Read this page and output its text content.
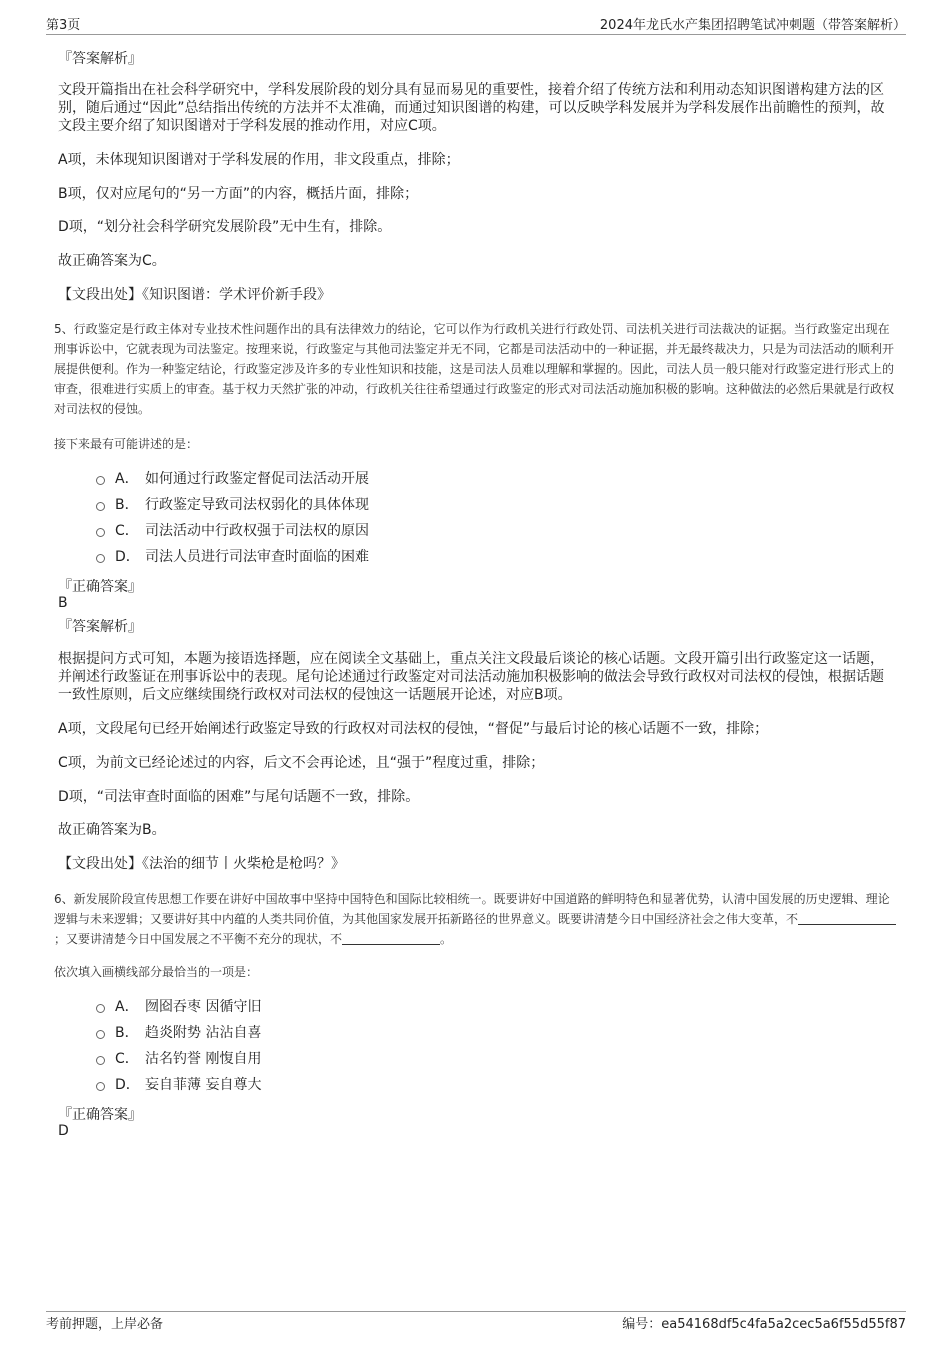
第3页	2024年龙氏水产集团招聘笔试冲刺题（带答案解析）
『答案解析』
文段开篇指出在社会科学研究中，学科发展阶段的划分具有显而易见的重要性，接着介绍了传统方法和利用动态知识图谱构建方法的区别，随后通过“因此”总结指出传统的方法并不太准确，而通过知识图谱的构建，可以反映学科发展并为学科发展作出前瞻性的预判，故文段主要介绍了知识图谱对于学科发展的推动作用，对应C项。
A项，未体现知识图谱对于学科发展的作用，非文段重点，排除；
B项，仅对应尾句的“另一方面”的内容，概括片面，排除；
D项，“划分社会科学研究发展阶段”无中生有，排除。
故正确答案为C。
【文段出处】《知识图谱：学术评价新手段》
5、行政鉴定是行政主体对专业技术性问题作出的具有法律效力的结论，它可以作为行政机关进行行政处罚、司法机关进行司法裁决的证据。当行政鉴定出现在刑事诉讼中，它就表现为司法鉴定。按理来说，行政鉴定与其他司法鉴定并无不同，它都是司法活动中的一种证据，并无最终裁决力，只是为司法活动的顺利开展提供便利。作为一种鉴定结论，行政鉴定涉及许多的专业性知识和技能，这是司法人员难以理解和掌握的。因此，司法人员一般只能对行政鉴定进行形式上的审查，很难进行实质上的审查。基于权力天然扩张的冲动，行政机关往往希望通过行政鉴定的形式对司法活动施加积极的影响。这种做法的必然后果就是行政权对司法权的侵蚀。
接下来最有可能讲述的是：
A． 如何通过行政鉴定督促司法活动开展
B． 行政鉴定导致司法权弱化的具体体现
C． 司法活动中行政权强于司法权的原因
D． 司法人员进行司法审查时面临的困难
『正确答案』
B
『答案解析』
根据提问方式可知，本题为接语选择题，应在阅读全文基础上，重点关注文段最后谈论的核心话题。文段开篇引出行政鉴定这一话题，并阐述行政鉴证在刑事诉讼中的表现。尾句论述通过行政鉴定对司法活动施加积极影响的做法会导致行政权对司法权的侵蚀，根据话题一致性原则，后文应继续围绕行政权对司法权的侵蚀这一话题展开论述，对应B项。
A项，文段尾句已经开始阐述行政鉴定导致的行政权对司法权的侵蚀，“督促”与最后讨论的核心话题不一致，排除；
C项，为前文已经论述过的内容，后文不会再论述，且“强于”程度过重，排除；
D项，“司法审查时面临的困难”与尾句话题不一致，排除。
故正确答案为B。
【文段出处】《法治的细节丨火柴枪是枪吗？》
6、新发展阶段宣传思想工作要在讲好中国故事中坚持中国特色和国际比较相统一。既要讲好中国道路的鲜明特色和显著优势，认清中国发展的历史逻辑、理论逻辑与未来逻辑；又要讲好其中内蕴的人类共同价值，为其他国家发展开拓新路径的世界意义。既要讲清楚今日中国经济社会之伟大变革，不；又要讲清楚今日中国发展之不平衡不充分的现状，不	。
依次填入画横线部分最恰当的一项是：
A． 囫囵吞枣 因循守旧
B． 趋炎附势 沾沾自喜
C． 沽名钓誉 刚愎自用
D． 妄自菲薄 妄自尊大
『正确答案』
D
考前押题，上岸必备	编号：ea54168df5c4fa5a2cec5a6f55d55f87
